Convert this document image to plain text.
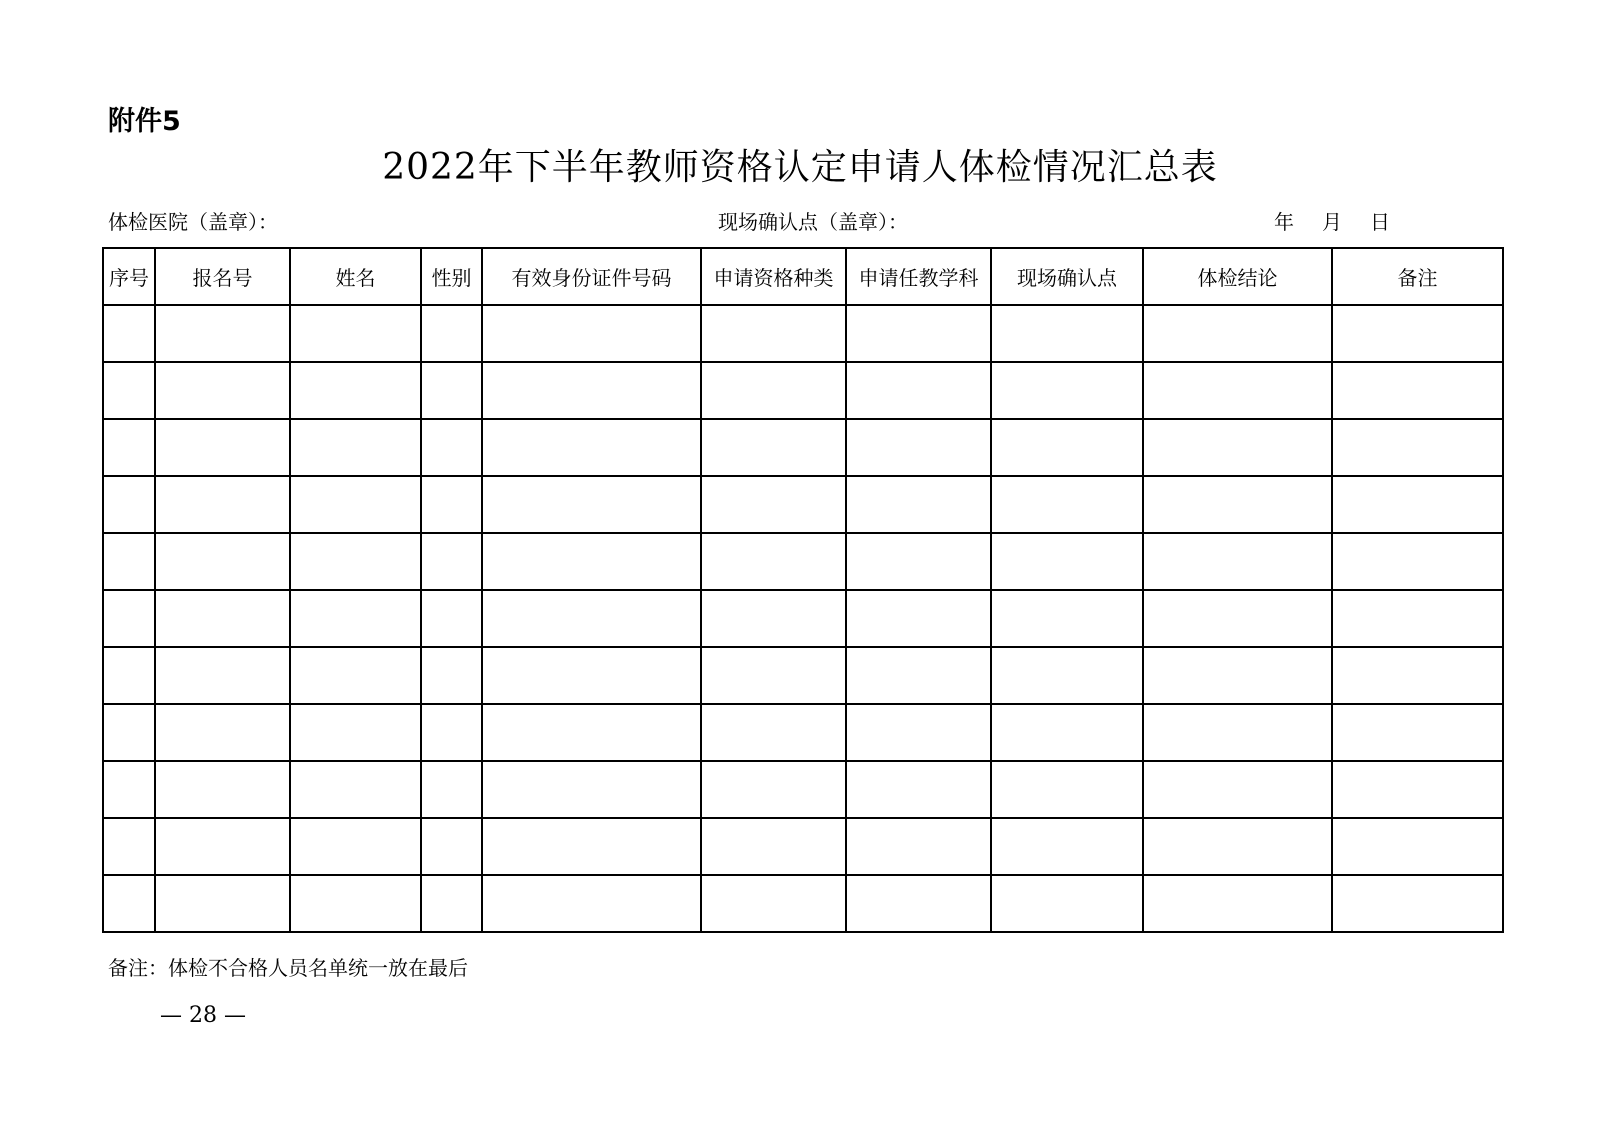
附件5
2022年下半年教师资格认定申请人体检情况汇总表
体检医院（盖章）：	现场确认点（盖章）：	年 月 日
序号	报名号	姓名	性别	有效身份证件号码	申请资格种类	申请任教学科	现场确认点	体检结论	备注

备注：体检不合格人员名单统一放在最后
— 28 —
